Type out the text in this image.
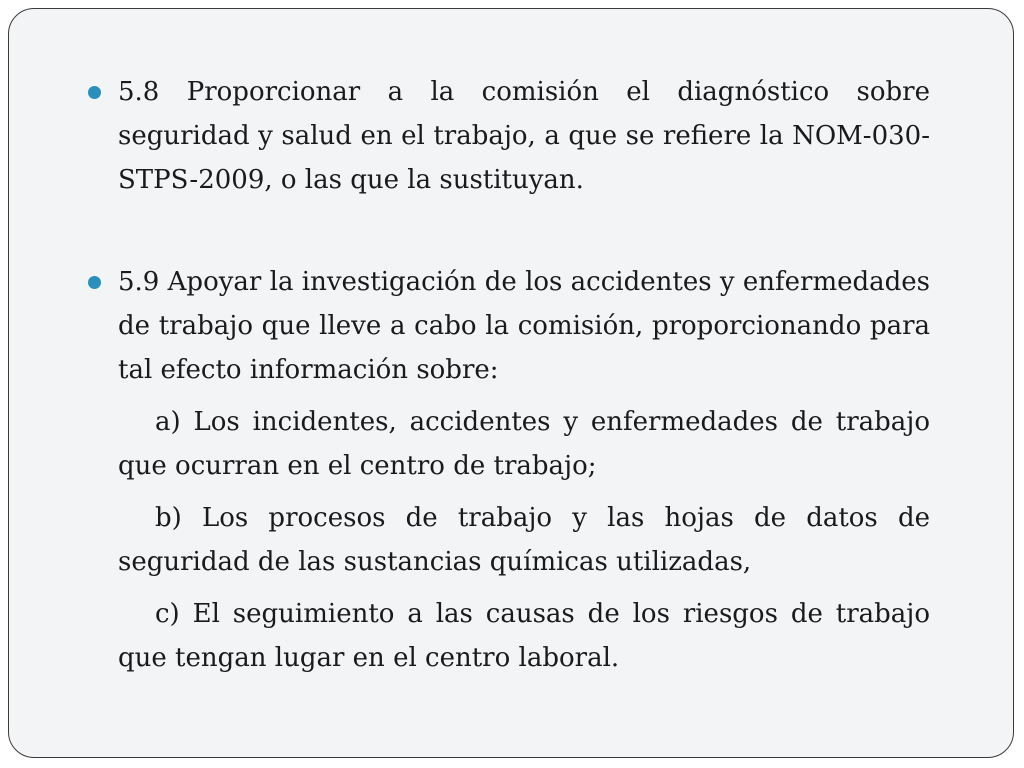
5.8 Proporcionar a la comisión el diagnóstico sobre seguridad y salud en el trabajo, a que se refiere la NOM-030-STPS-2009, o las que la sustituyan.
5.9 Apoyar la investigación de los accidentes y enfermedades de trabajo que lleve a cabo la comisión, proporcionando para tal efecto información sobre:
a) Los incidentes, accidentes y enfermedades de trabajo que ocurran en el centro de trabajo;
b) Los procesos de trabajo y las hojas de datos de seguridad de las sustancias químicas utilizadas,
c) El seguimiento a las causas de los riesgos de trabajo que tengan lugar en el centro laboral.
